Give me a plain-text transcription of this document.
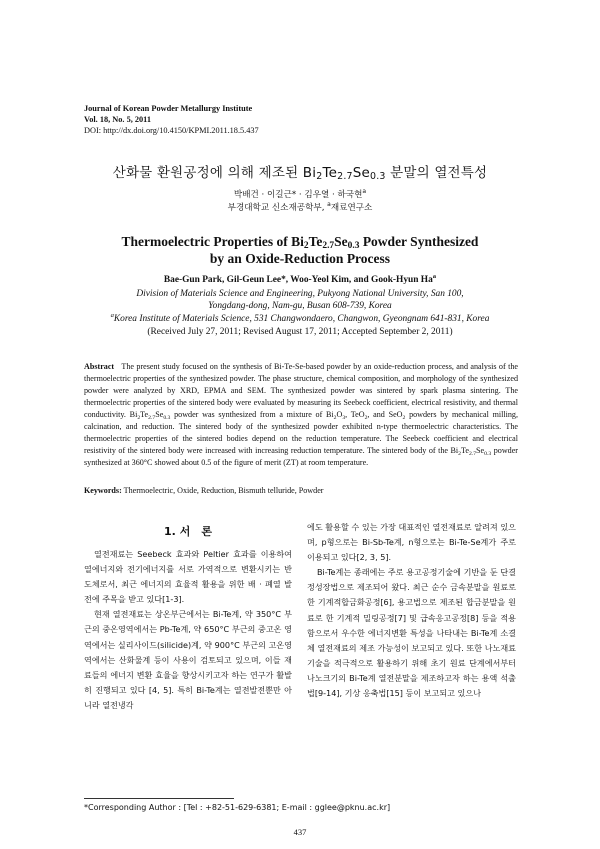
Journal of Korean Powder Metallurgy Institute
Vol. 18, No. 5, 2011
DOI: http://dx.doi.org/10.4150/KPMI.2011.18.5.437
산화물 환원공정에 의해 제조된 $Bi_2Te_{2.7}Se_{0.3}$ 분말의 열전특성
박배건 · 이길근* · 김우열 · 하국현$^a$
부경대학교 신소재공학부, $^a$재료연구소
Thermoelectric Properties of $Bi_2Te_{2.7}Se_{0.3}$ Powder Synthesized
by an Oxide-Reduction Process
Bae-Gun Park, Gil-Geun Lee*, Woo-Yeol Kim, and Gook-Hyun Ha$^a$
Division of Materials Science and Engineering, Pukyong National University, San 100,
Yongdang-dong, Nam-gu, Busan 608-739, Korea
$^a$Korea Institute of Materials Science, 531 Changwondaero, Changwon, Gyeongnam 641-831, Korea
(Received July 27, 2011; Revised August 17, 2011; Accepted September 2, 2011)
Abstract The present study focused on the synthesis of Bi-Te-Se-based powder by an oxide-reduction process, and analysis of the thermoelectric properties of the synthesized powder. The phase structure, chemical composition, and morphology of the synthesized powder were analyzed by XRD, EPMA and SEM. The synthesized powder was sintered by spark plasma sintering. The thermoelectric properties of the sintered body were evaluated by measuring its Seebeck coefficient, electrical resistivity, and thermal conductivity. $Bi_2Te_{2.7}Se_{0.3}$ powder was synthesized from a mixture of $Bi_2O_3$, TeO$_2$, and SeO$_2$ powders by mechanical milling, calcination, and reduction. The sintered body of the synthesized powder exhibited n-type thermoelectric characteristics. The thermoelectric properties of the sintered bodies depend on the reduction temperature. The Seebeck coefficient and electrical resistivity of the sintered body were increased with increasing reduction temperature. The sintered body of the $Bi_2Te_{2.7}Se_{0.3}$ powder synthesized at 360°C showed about 0.5 of the figure of merit (ZT) at room temperature.
Keywords: Thermoelectric, Oxide, Reduction, Bismuth telluride, Powder
1. 서　론

열전재료는 Seebeck 효과와 Peltier 효과를 이용하여 열에너지와 전기에너지를 서로 가역적으로 변환시키는 반도체로서, 최근 에너지의 효율적 활용을 위한 배 · 폐열 발전에 주목을 받고 있다[1-3].

현재 열전재료는 상온부근에서는 Bi-Te계, 약 350°C 부근의 중온영역에서는 Pb-Te계, 약 650°C 부근의 중고온 영역에서는 실리사이드(silicide)계, 약 900°C 부근의 고온영역에서는 산화물계 등이 사용이 검토되고 있으며, 이들 재료들의 에너지 변환 효율을 향상시키고자 하는 연구가 활발히 진행되고 있다 [4, 5]. 특히 Bi-Te계는 열전발전뿐만 아니라 열전냉각

에도 활용할 수 있는 가장 대표적인 열전재료로 알려져 있으며, p형으로는 Bi-Sb-Te계, n형으로는 Bi-Te-Se계가 주로 이용되고 있다[2, 3, 5].

Bi-Te계는 종래에는 주로 용고공정기술에 기반을 둔 단결정성장법으로 제조되어 왔다. 최근 순수 금속분말을 원료로 한 기계적합금화공정[6], 용고법으로 제조된 합금분말을 원료로 한 기계적 밀링공정[7] 및 급속응고공정[8] 등을 적용함으로서 우수한 에너지변환 특성을 나타내는 Bi-Te계 소결체 열전재료의 제조 가능성이 보고되고 있다. 또한 나노재료기술을 적극적으로 활용하기 위해 초기 원료 단계에서부터 나노크기의 Bi-Te계 열전분말을 제조하고자 하는 용액 석출법[9-14], 기상 응축법[15] 등이 보고되고 있으나

*Corresponding Author : [Tel : +82-51-629-6381; E-mail : gglee@pknu.ac.kr]
437
